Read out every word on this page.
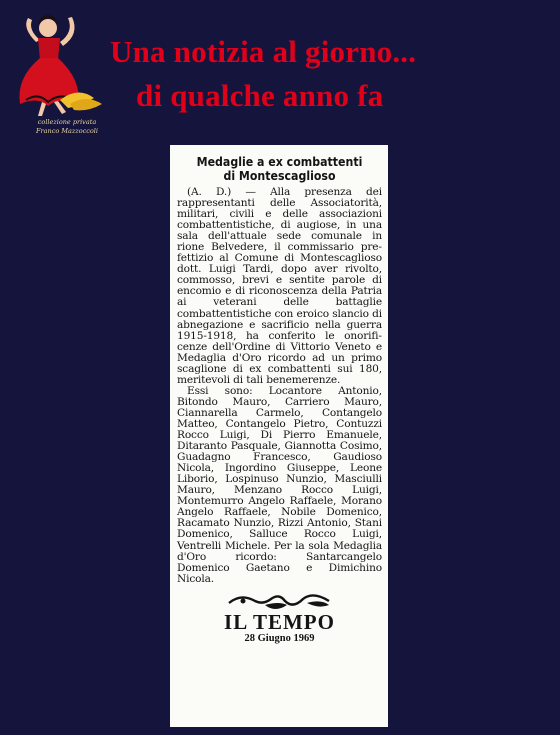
collezione privata
Franco Mazzoccoli
Una notizia al giorno...
di qualche anno fa
Medaglie a ex combattenti
di Montescaglioso

(A. D.) — Alla presenza dei rappresentanti delle Associatorità, militari, civili e delle associazioni combattentistiche, di augiose, in una sala dell'attuale sede comunale in rione Belvedere, il commissario prefettizio al Comune di Montescaglioso dott. Luigi Tardi, dopo aver rivolto, commosso, brevi e sentite parole di encomio e di riconoscenza della Patria ai veterani delle battaglie combattentistiche con eroico slancio di abnegazione e sacrificio nella guerra 1915-1918, ha conferito le onorificenze dell'Ordine di Vittorio Veneto e Medaglia d'Oro ricordo ad un primo scaglione di ex combattenti sui 180, meritevoli di tali benemerenze.

Essi sono: Locantore Antonio, Bitondo Mauro, Carriero Mauro, Ciannarella Carmelo, Contangelo Matteo, Contangelo Pietro, Contuzzi Rocco Luigi, Di Pierro Emanuele, Ditaranto Pasquale, Giannotta Cosimo, Guadagno Francesco, Gaudioso Nicola, Ingordino Giuseppe, Leone Liborio, Lospinuso Nunzio, Masciulli Mauro, Menzano Rocco Luigi, Montemurro Angelo Raffaele, Morano Angelo Raffaele, Nobile Domenico, Racamato Nunzio, Rizzi Antonio, Stani Domenico, Salluce Rocco Luigi, Ventrelli Michele. Per la sola Medaglia d'Oro ricordo: Santarcangelo Domenico Gaetano e Dimichino Nicola.

IL TEMPO
28 Giugno 1969
